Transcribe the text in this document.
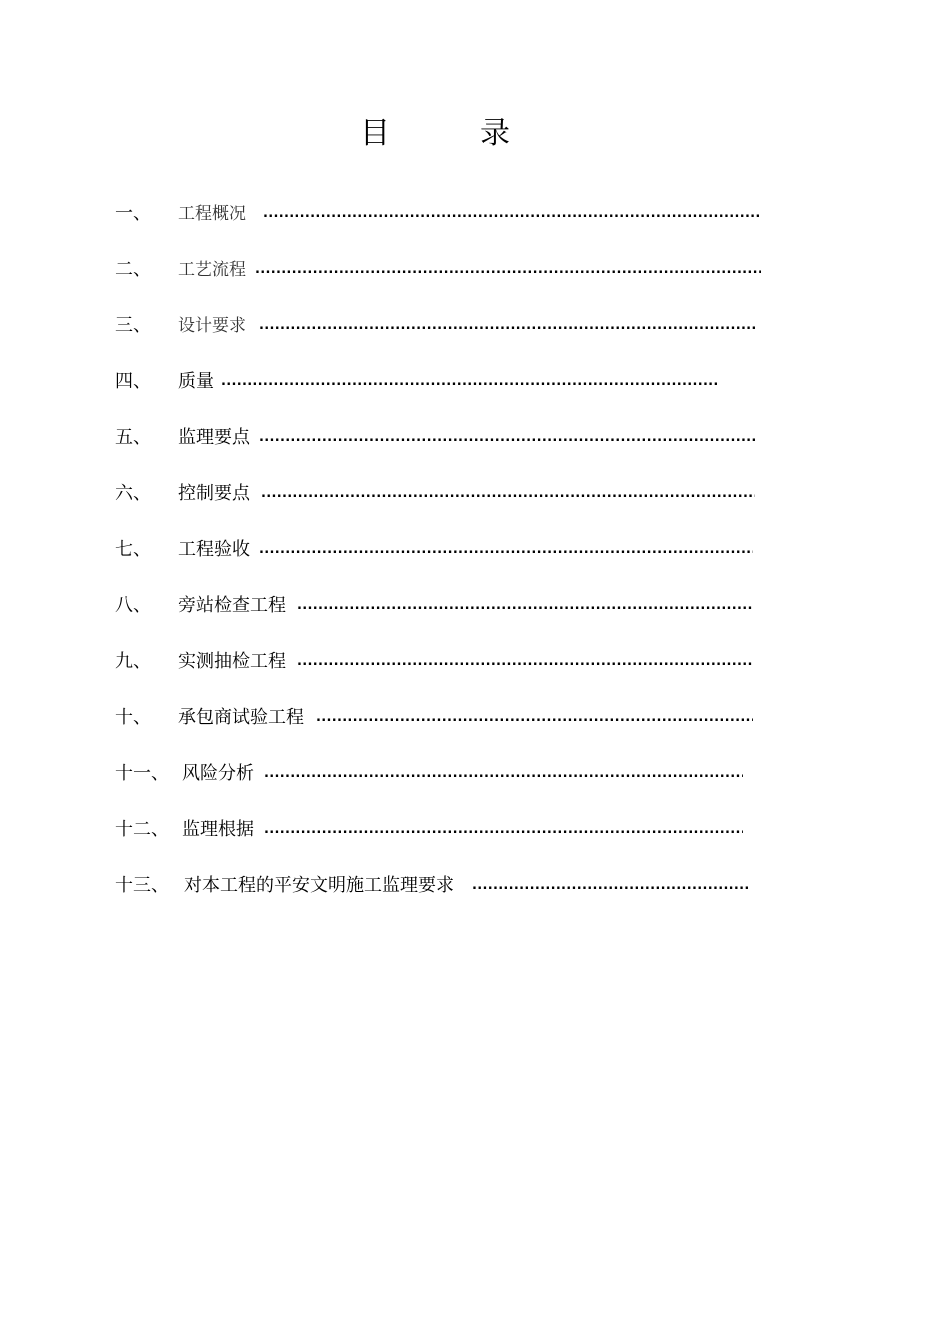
目　录
一、 工程概况
.....
二、 工艺流程
.....
三、 设计要求
.....
四、 质量
.....
五、 监理要点
.....
六、 控制要点
.....
七、 工程验收
.....
八、 旁站检查工程
.....
九、 实测抽检工程
.....
十、 承包商试验工程
.....
十一、 风险分析
.....
十二、 监理根据
.....
十三、 对本工程的平安文明施工监理要求
.....
